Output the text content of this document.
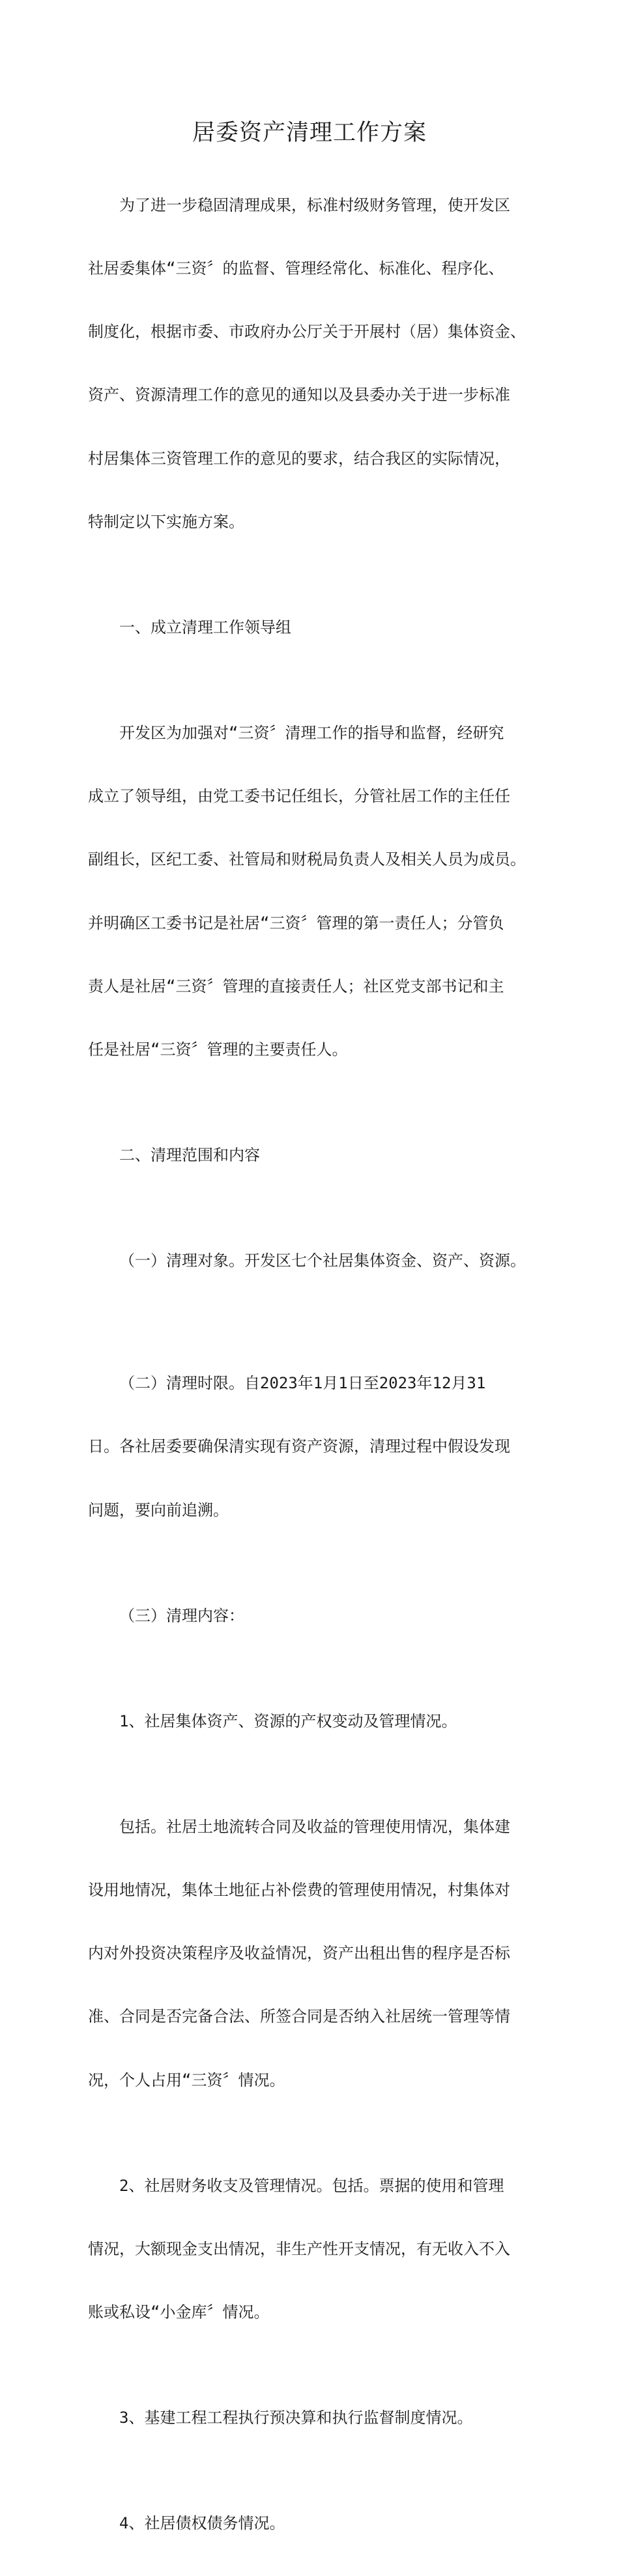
居委资产清理工作方案

为了进一步稳固清理成果，标准村级财务管理，使开发区

社居委集体“三资〞的监督、管理经常化、标准化、程序化、

制度化，根据市委、市政府办公厅关于开展村（居）集体资金、

资产、资源清理工作的意见的通知以及县委办关于进一步标准

村居集体三资管理工作的意见的要求，结合我区的实际情况，

特制定以下实施方案。

一、成立清理工作领导组

开发区为加强对“三资〞清理工作的指导和监督，经研究

成立了领导组，由党工委书记任组长，分管社居工作的主任任

副组长，区纪工委、社管局和财税局负责人及相关人员为成员。

并明确区工委书记是社居“三资〞管理的第一责任人；分管负

责人是社居“三资〞管理的直接责任人；社区党支部书记和主

任是社居“三资〞管理的主要责任人。

二、清理范围和内容

（一）清理对象。开发区七个社居集体资金、资产、资源。

（二）清理时限。自2023年1月1日至2023年12月31

日。各社居委要确保清实现有资产资源，清理过程中假设发现

问题，要向前追溯。

（三）清理内容：

1、社居集体资产、资源的产权变动及管理情况。

包括。社居土地流转合同及收益的管理使用情况，集体建

设用地情况，集体土地征占补偿费的管理使用情况，村集体对

内对外投资决策程序及收益情况，资产出租出售的程序是否标

准、合同是否完备合法、所签合同是否纳入社居统一管理等情

况，个人占用“三资〞情况。

2、社居财务收支及管理情况。包括。票据的使用和管理

情况，大额现金支出情况，非生产性开支情况，有无收入不入

账或私设“小金库〞情况。

3、基建工程工程执行预决算和执行监督制度情况。

4、社居债权债务情况。
